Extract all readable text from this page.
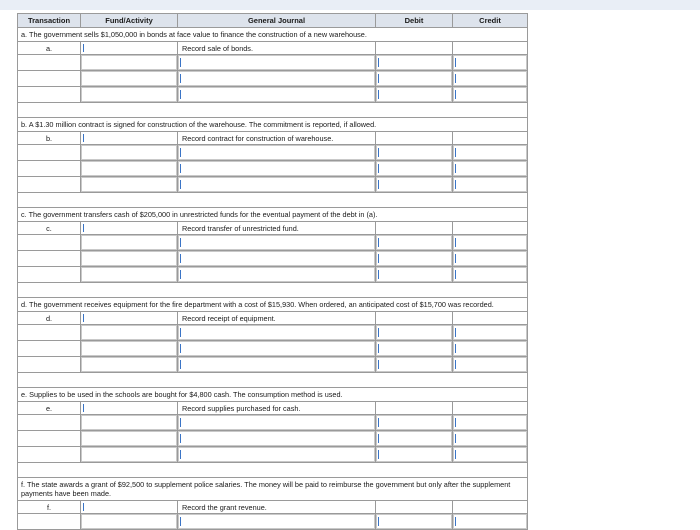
Transaction	Fund/Activity	General Journal	Debit	Credit
a. The government sells $1,050,000 in bonds at face value to finance the construction of a new warehouse.				
a.		Record sale of bonds.		

b. A $1.30 million contract is signed for construction of the warehouse. The commitment is reported, if allowed.				
b.		Record contract for construction of warehouse.		

c. The government transfers cash of $205,000 in unrestricted funds for the eventual payment of the debt in (a).				
c.		Record transfer of unrestricted fund.		

d. The government receives equipment for the fire department with a cost of $15,930. When ordered, an anticipated cost of $15,700 was recorded.				
d.		Record receipt of equipment.		

e. Supplies to be used in the schools are bought for $4,800 cash. The consumption method is used.				
e.		Record supplies purchased for cash.		

f. The state awards a grant of $92,500 to supplement police salaries. The money will be paid to reimburse the government but only after the supplement payments have been made.				
f.		Record the grant revenue.		
